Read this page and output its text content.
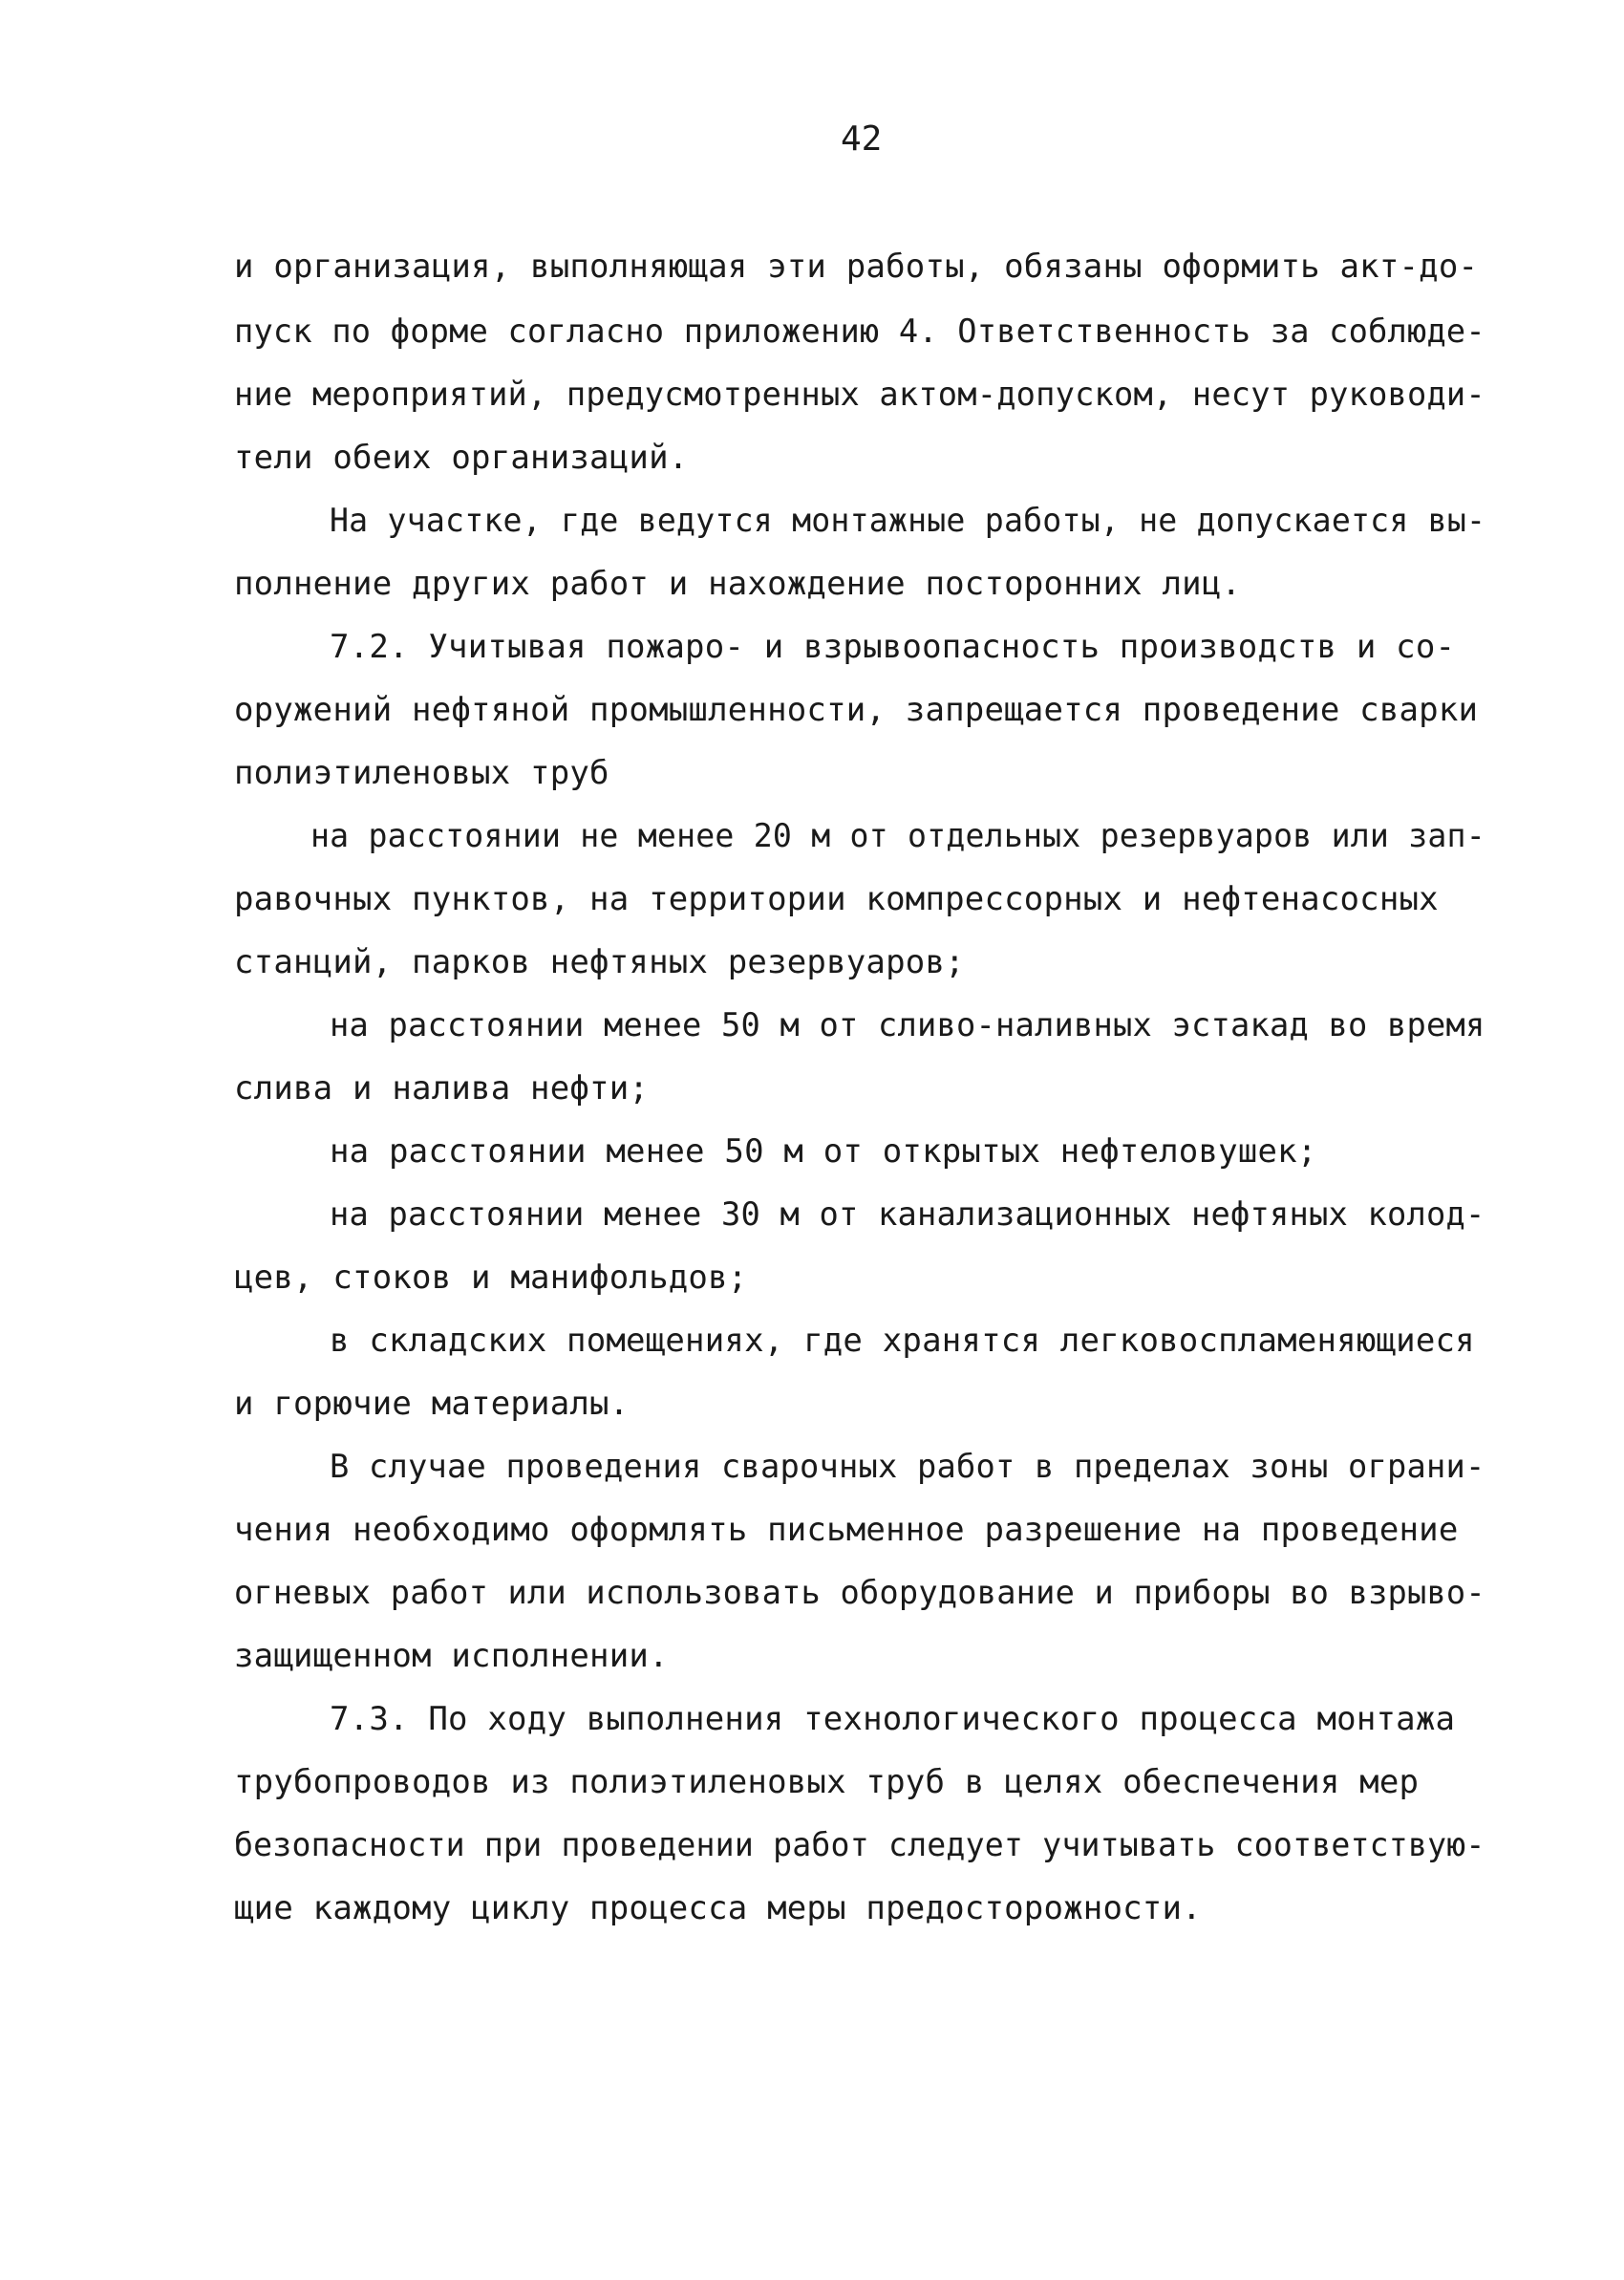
42
и организация, выполняющая эти работы, обязаны оформить акт-до-
пуск по форме согласно приложению 4. Ответственность за соблюде-
ние мероприятий, предусмотренных актом-допуском, несут руководи-
тели обеих организаций.
На участке, где ведутся монтажные работы, не допускается вы-
полнение других работ и нахождение посторонних лиц.
7.2. Учитывая пожаро- и взрывоопасность производств и со-
оружений нефтяной промышленности, запрещается проведение сварки
полиэтиленовых труб
на расстоянии не менее 20 м от отдельных резервуаров или зап-
равочных пунктов, на территории компрессорных и нефтенасосных
станций, парков нефтяных резервуаров;
на расстоянии менее 50 м от сливо-наливных эстакад во время
слива и налива нефти;
на расстоянии менее 50 м от открытых нефтеловушек;
на расстоянии менее 30 м от канализационных нефтяных колод-
цев, стоков и манифольдов;
в складских помещениях, где хранятся легковоспламеняющиеся
и горючие материалы.
В случае проведения сварочных работ в пределах зоны ограни-
чения необходимо оформлять письменное разрешение на проведение
огневых работ или использовать оборудование и приборы во взрыво-
защищенном исполнении.
7.3. По ходу выполнения технологического процесса монтажа
трубопроводов из полиэтиленовых труб в целях обеспечения мер
безопасности при проведении работ следует учитывать соответствую-
щие каждому циклу процесса меры предосторожности.
